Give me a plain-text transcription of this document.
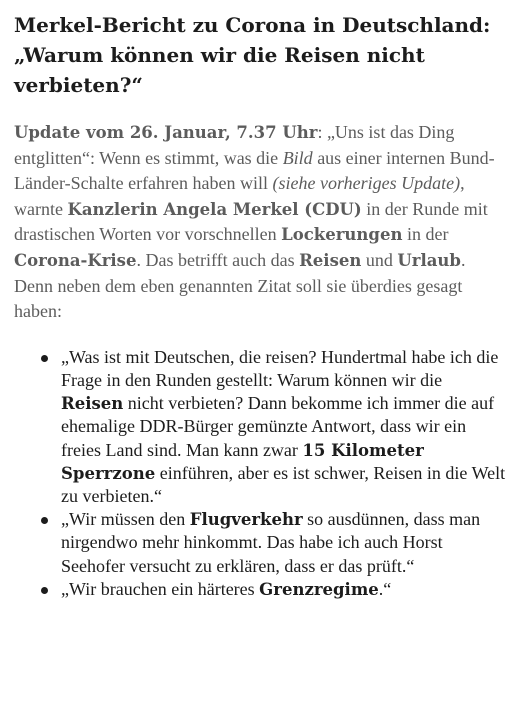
Merkel-Bericht zu Corona in Deutschland: „Warum können wir die Reisen nicht verbieten?“

Update vom 26. Januar, 7.37 Uhr: „Uns ist das Ding entglitten“: Wenn es stimmt, was die Bild aus einer internen Bund-Länder-Schalte erfahren haben will (siehe vorheriges Update), warnte Kanzlerin Angela Merkel (CDU) in der Runde mit drastischen Worten vor vorschnellen Lockerungen in der Corona-Krise. Das betrifft auch das Reisen und Urlaub. Denn neben dem eben genannten Zitat soll sie überdies gesagt haben:

„Was ist mit Deutschen, die reisen? Hundertmal habe ich die Frage in den Runden gestellt: Warum können wir die Reisen nicht verbieten? Dann bekomme ich immer die auf ehemalige DDR-Bürger gemünzte Antwort, dass wir ein freies Land sind. Man kann zwar 15 Kilometer Sperrzone einführen, aber es ist schwer, Reisen in die Welt zu verbieten.“
„Wir müssen den Flugverkehr so ausdünnen, dass man nirgendwo mehr hinkommt. Das habe ich auch Horst Seehofer versucht zu erklären, dass er das prüft.“
„Wir brauchen ein härteres Grenzregime.“
